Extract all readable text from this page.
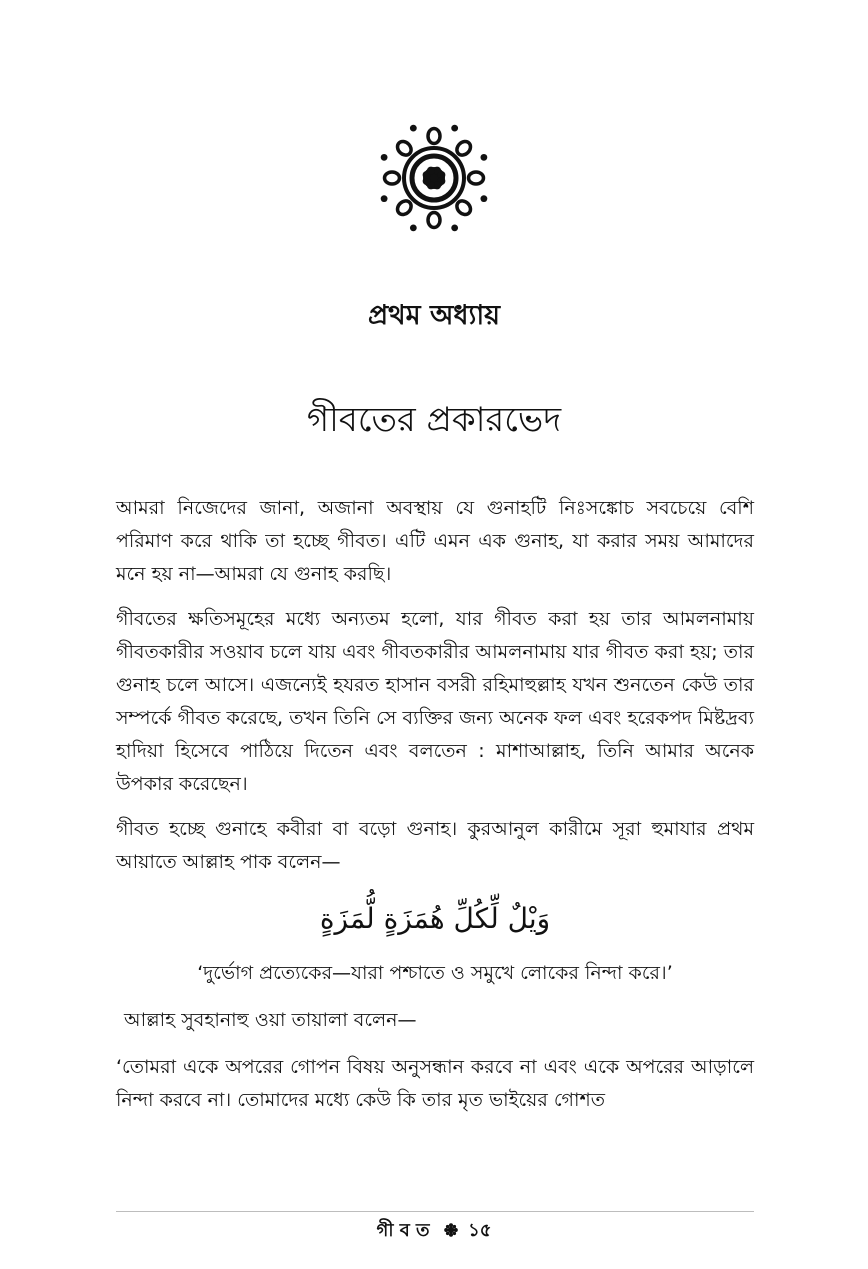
প্রথম অধ্যায়
গীবতের প্রকারভেদ

আমরা নিজেদের জানা, অজানা অবস্থায় যে গুনাহটি নিঃসঙ্কোচ সবচেয়ে বেশি পরিমাণ করে থাকি তা হচ্ছে গীবত। এটি এমন এক গুনাহ, যা করার সময় আমাদের মনে হয় না—আমরা যে গুনাহ করছি।

গীবতের ক্ষতিসমূহের মধ্যে অন্যতম হলো, যার গীবত করা হয় তার আমলনামায় গীবতকারীর সওয়াব চলে যায় এবং গীবতকারীর আমলনামায় যার গীবত করা হয়; তার গুনাহ চলে আসে। এজন্যেই হযরত হাসান বসরী রহিমাহুল্লাহ যখন শুনতেন কেউ তার সম্পর্কে গীবত করেছে, তখন তিনি সে ব্যক্তির জন্য অনেক ফল এবং হরেকপদ মিষ্টদ্রব্য হাদিয়া হিসেবে পাঠিয়ে দিতেন এবং বলতেন : মাশাআল্লাহ, তিনি আমার অনেক উপকার করেছেন।

গীবত হচ্ছে গুনাহে কবীরা বা বড়ো গুনাহ। কুরআনুল কারীমে সূরা হুমাযার প্রথম আয়াতে আল্লাহ পাক বলেন—

وَيْلٌ لِّكُلِّ هُمَزَةٍ لُّمَزَةٍ

‘দুর্ভোগ প্রত্যেকের—যারা পশ্চাতে ও সমুখে লোকের নিন্দা করে।’

আল্লাহ সুবহানাহু ওয়া তায়ালা বলেন—

‘তোমরা একে অপরের গোপন বিষয় অনুসন্ধান করবে না এবং একে অপরের আড়ালে নিন্দা করবে না। তোমাদের মধ্যে কেউ কি তার মৃত ভাইয়ের গোশত

গী ব ত ১৫
